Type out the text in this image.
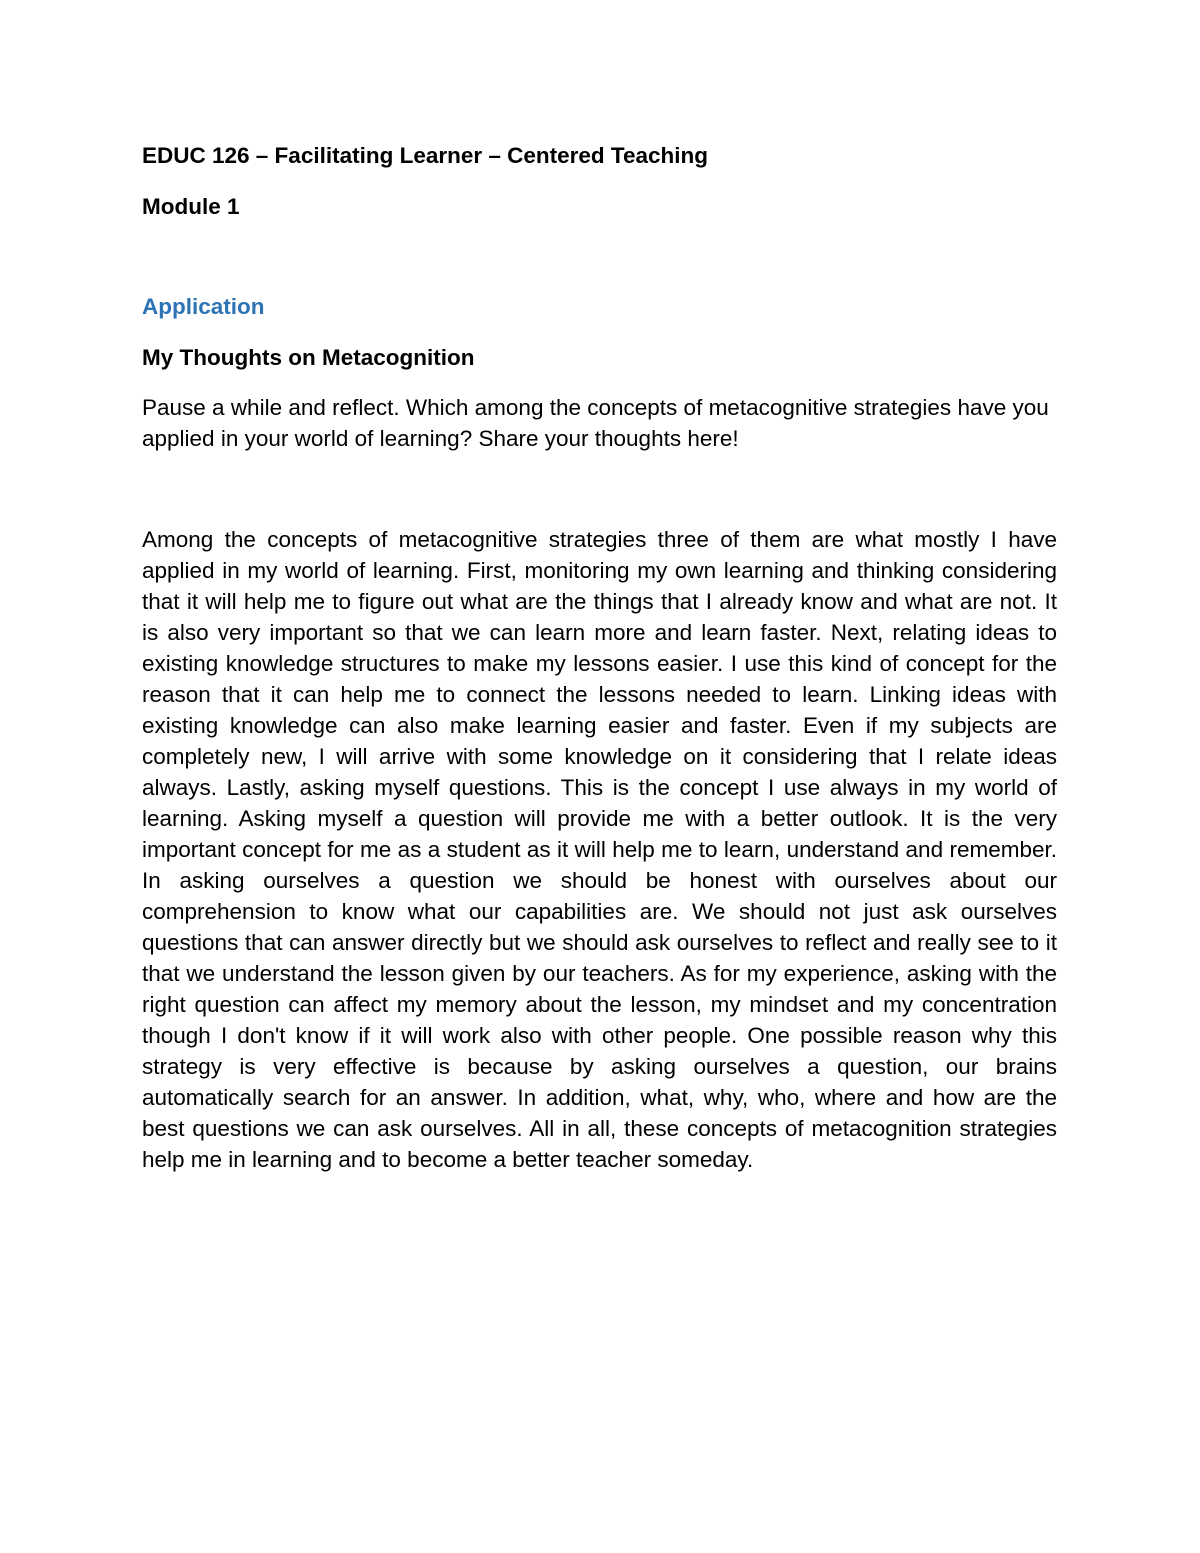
EDUC 126 – Facilitating Learner – Centered Teaching

Module 1

Application

My Thoughts on Metacognition

Pause a while and reflect. Which among the concepts of metacognitive strategies have you applied in your world of learning? Share your thoughts here!

Among the concepts of metacognitive strategies three of them are what mostly I have applied in my world of learning. First, monitoring my own learning and thinking considering that it will help me to figure out what are the things that I already know and what are not. It is also very important so that we can learn more and learn faster. Next, relating ideas to existing knowledge structures to make my lessons easier. I use this kind of concept for the reason that it can help me to connect the lessons needed to learn. Linking ideas with existing knowledge can also make learning easier and faster. Even if my subjects are completely new, I will arrive with some knowledge on it considering that I relate ideas always. Lastly, asking myself questions. This is the concept I use always in my world of learning. Asking myself a question will provide me with a better outlook. It is the very important concept for me as a student as it will help me to learn, understand and remember. In asking ourselves a question we should be honest with ourselves about our comprehension to know what our capabilities are. We should not just ask ourselves questions that can answer directly but we should ask ourselves to reflect and really see to it that we understand the lesson given by our teachers. As for my experience, asking with the right question can affect my memory about the lesson, my mindset and my concentration though I don't know if it will work also with other people. One possible reason why this strategy is very effective is because by asking ourselves a question, our brains automatically search for an answer. In addition, what, why, who, where and how are the best questions we can ask ourselves. All in all, these concepts of metacognition strategies help me in learning and to become a better teacher someday.
